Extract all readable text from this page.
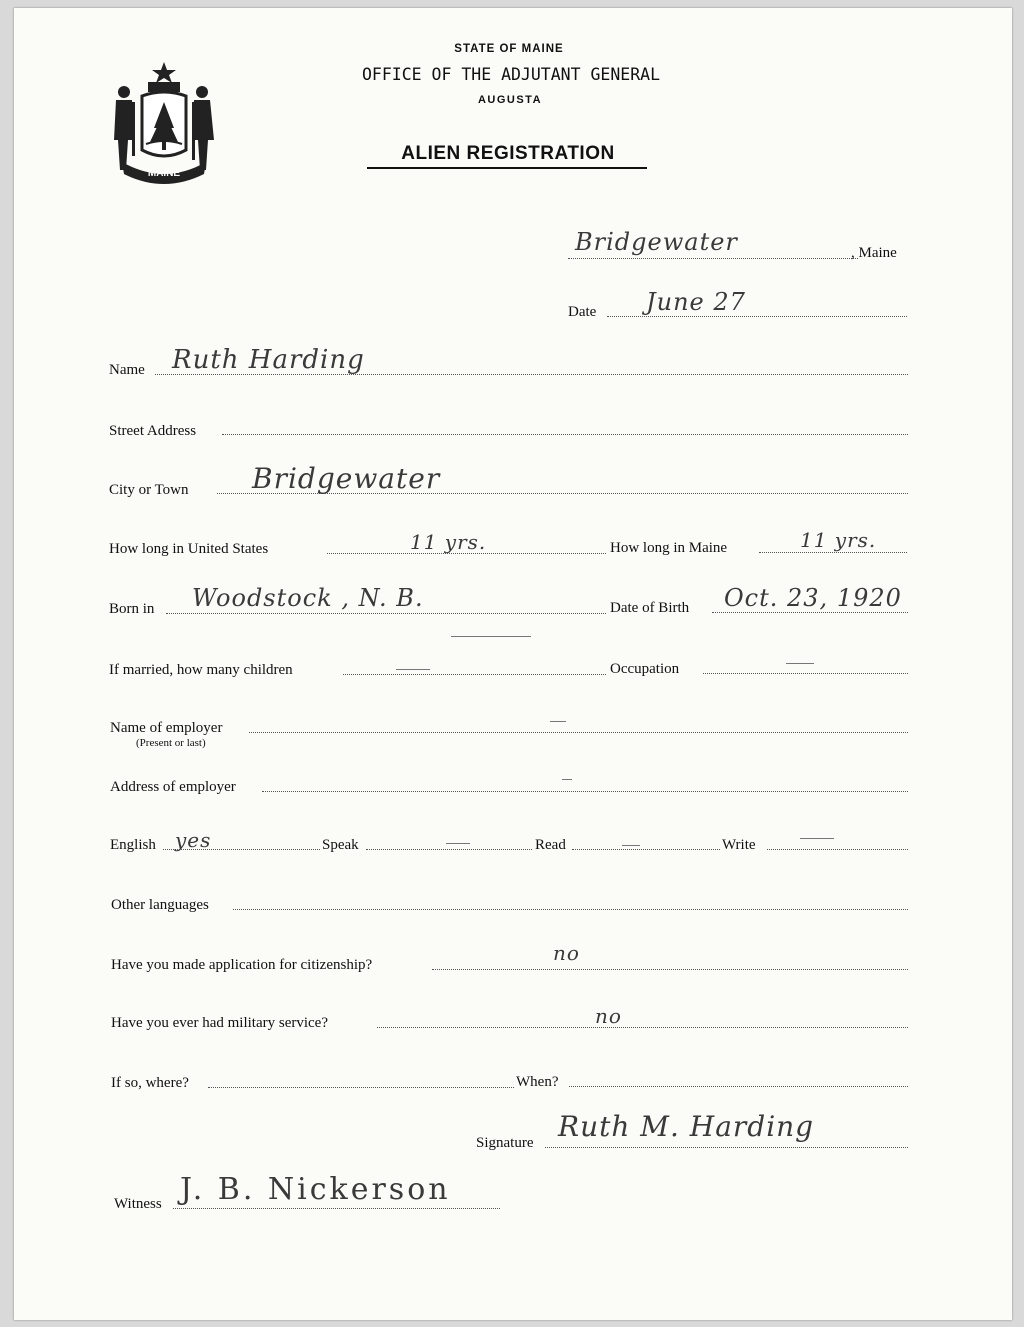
MAINE
STATE OF MAINE
OFFICE OF THE ADJUTANT GENERAL
AUGUSTA
ALIEN REGISTRATION
Bridgewater	, Maine
Date June 27
Name Ruth Harding
Street Address
City or Town Bridgewater
How long in United States	11 yrs.	How long in Maine	11 yrs.
Born in Woodstock , N. B.	Date of Birth Oct. 23, 1920
If married, how many children	Occupation
Name of employer
(Present or last)
Address of employer
English yes	Speak	Read	Write
Other languages
Have you made application for citizenship?	no
Have you ever had military service?	no
If so, where?	When?
Signature Ruth M. Harding
Witness J. B. Nickerson
